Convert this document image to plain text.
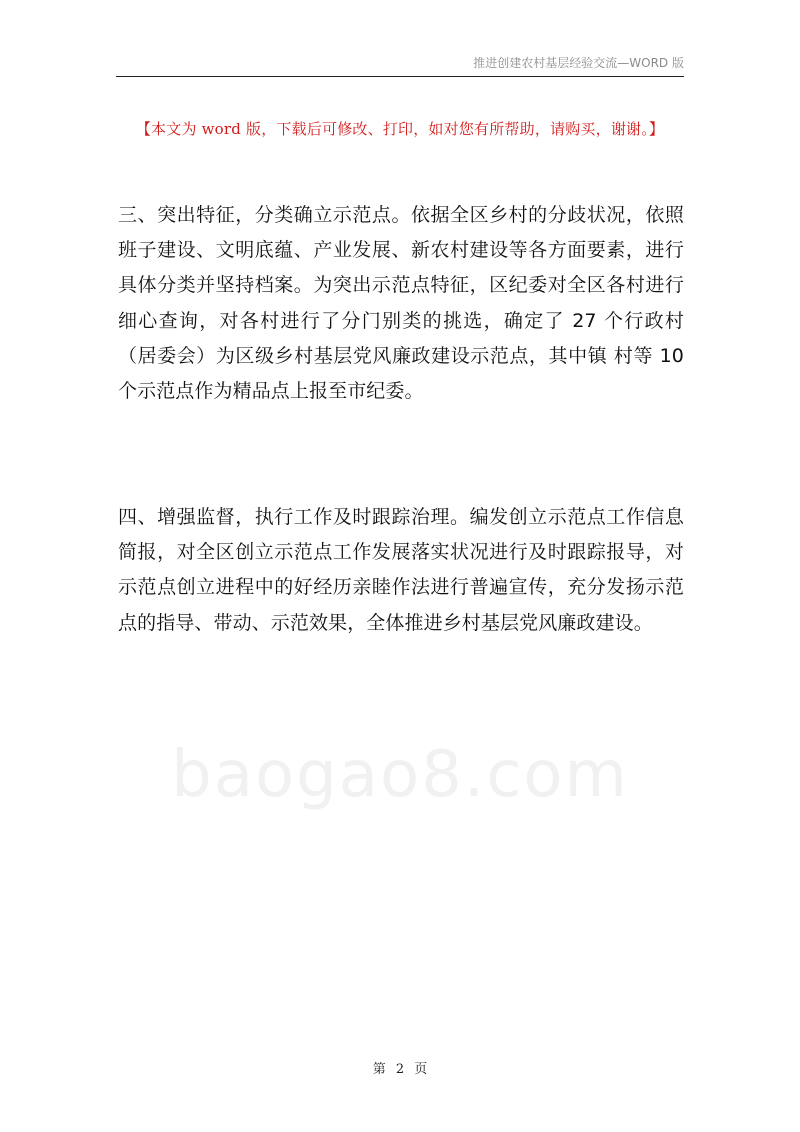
推进创建农村基层经验交流—WORD 版
【本文为 word 版，下载后可修改、打印，如对您有所帮助，请购买，谢谢。】

三、突出特征，分类确立示范点。依据全区乡村的分歧状况，依照班子建设、文明底蕴、产业发展、新农村建设等各方面要素，进行具体分类并坚持档案。为突出示范点特征，区纪委对全区各村进行细心查询，对各村进行了分门别类的挑选，确定了 27 个行政村（居委会）为区级乡村基层党风廉政建设示范点，其中镇 村等 10 个示范点作为精品点上报至市纪委。

四、增强监督，执行工作及时跟踪治理。编发创立示范点工作信息简报，对全区创立示范点工作发展落实状况进行及时跟踪报导，对示范点创立进程中的好经历亲睦作法进行普遍宣传，充分发扬示范点的指导、带动、示范效果，全体推进乡村基层党风廉政建设。

baogao8.com
第 2 页
